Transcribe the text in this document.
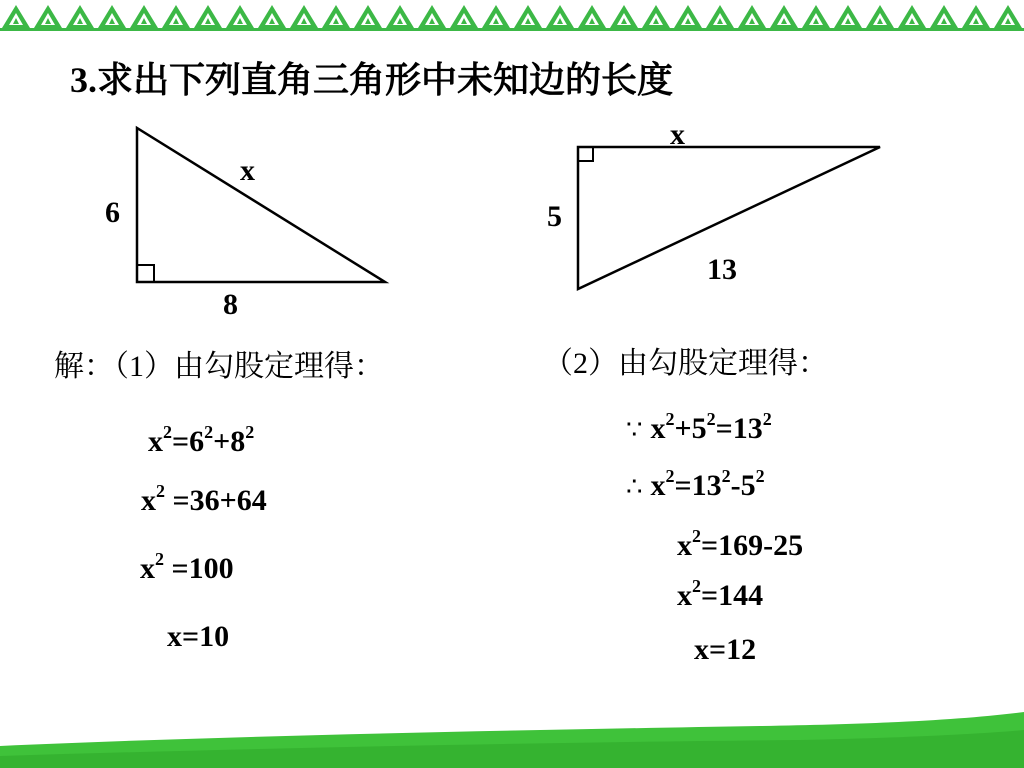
3.求出下列直角三角形中未知边的长度
x
6
8
x
5
13
解：（1）由勾股定理得：	（2）由勾股定理得：
$x^2=6^2+8^2$
$x^2 =36+64$
$x^2 =100$
x=10
∵ $x^2+5^2=13^2$
∴ $x^2=13^2-5^2$
$x^2=169-25$
$x^2=144$
x=12
